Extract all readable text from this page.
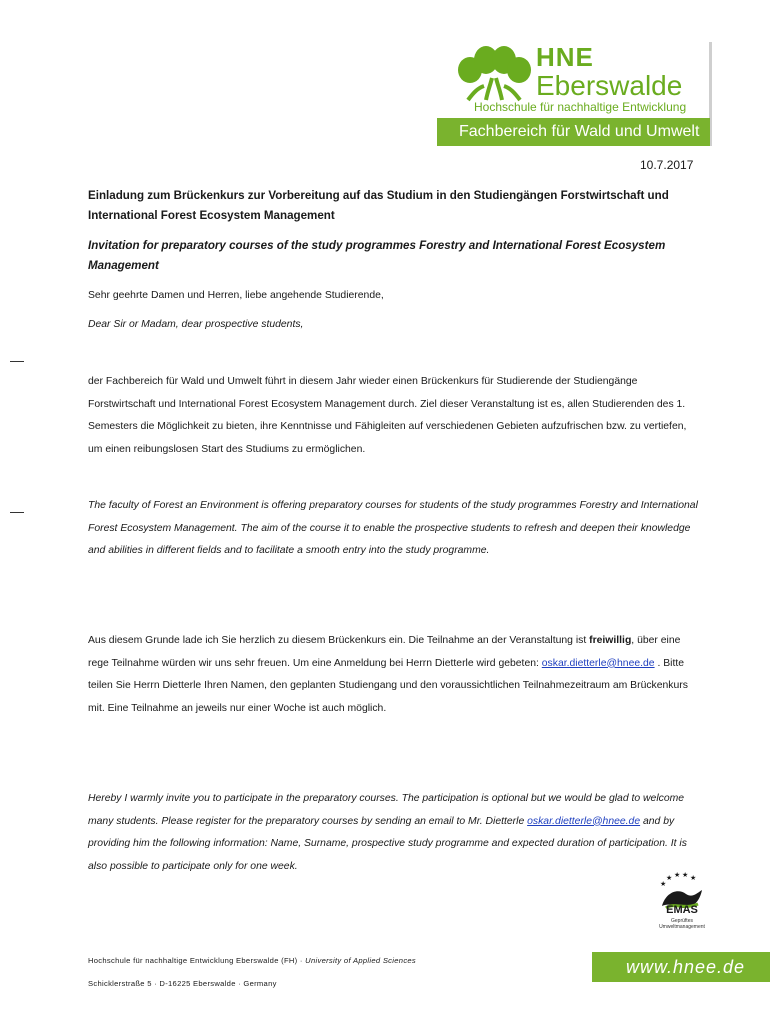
HNE
Eberswalde
Hochschule für nachhaltige Entwicklung
Fachbereich für Wald und Umwelt
10.7.2017
Einladung zum Brückenkurs zur Vorbereitung auf das Studium in den Studiengängen Forstwirtschaft und International Forest Ecosystem Management
Invitation for preparatory courses of the study programmes Forestry and International Forest Ecosystem Management
Sehr geehrte Damen und Herren, liebe angehende Studierende,
Dear Sir or Madam, dear prospective students,
der Fachbereich für Wald und Umwelt führt in diesem Jahr wieder einen Brückenkurs für Studierende der Studiengänge Forstwirtschaft und International Forest Ecosystem Management durch. Ziel dieser Veranstaltung ist es, allen Studierenden des 1. Semesters die Möglichkeit zu bieten, ihre Kenntnisse und Fähigleiten auf verschiedenen Gebieten aufzufrischen bzw. zu vertiefen, um einen reibungslosen Start des Studiums zu ermöglichen.
The faculty of Forest an Environment is offering preparatory courses for students of the study programmes Forestry and International Forest Ecosystem Management. The aim of the course it to enable the prospective students to refresh and deepen their knowledge and abilities in different fields and to facilitate a smooth entry into the study programme.
Aus diesem Grunde lade ich Sie herzlich zu diesem Brückenkurs ein. Die Teilnahme an der Veranstaltung ist freiwillig, über eine rege Teilnahme würden wir uns sehr freuen. Um eine Anmeldung bei Herrn Dietterle wird gebeten: oskar.dietterle@hnee.de . Bitte teilen Sie Herrn Dietterle Ihren Namen, den geplanten Studiengang und den voraussichtlichen Teilnahmezeitraum am Brückenkurs mit. Eine Teilnahme an jeweils nur einer Woche ist auch möglich.
Hereby I warmly invite you to participate in the preparatory courses. The participation is optional but we would be glad to welcome many students. Please register for the preparatory courses by sending an email to Mr. Dietterle oskar.dietterle@hnee.de and by providing him the following information: Name, Surname, prospective study programme and expected duration of participation. It is also possible to participate only for one week.
★ ★ ★ ★
★
EMAS
Geprüftes Umweltmanagement
Hochschule für nachhaltige Entwicklung Eberswalde (FH) · University of Applied Sciences
Schicklerstraße 5 · D-16225 Eberswalde · Germany
www.hnee.de
